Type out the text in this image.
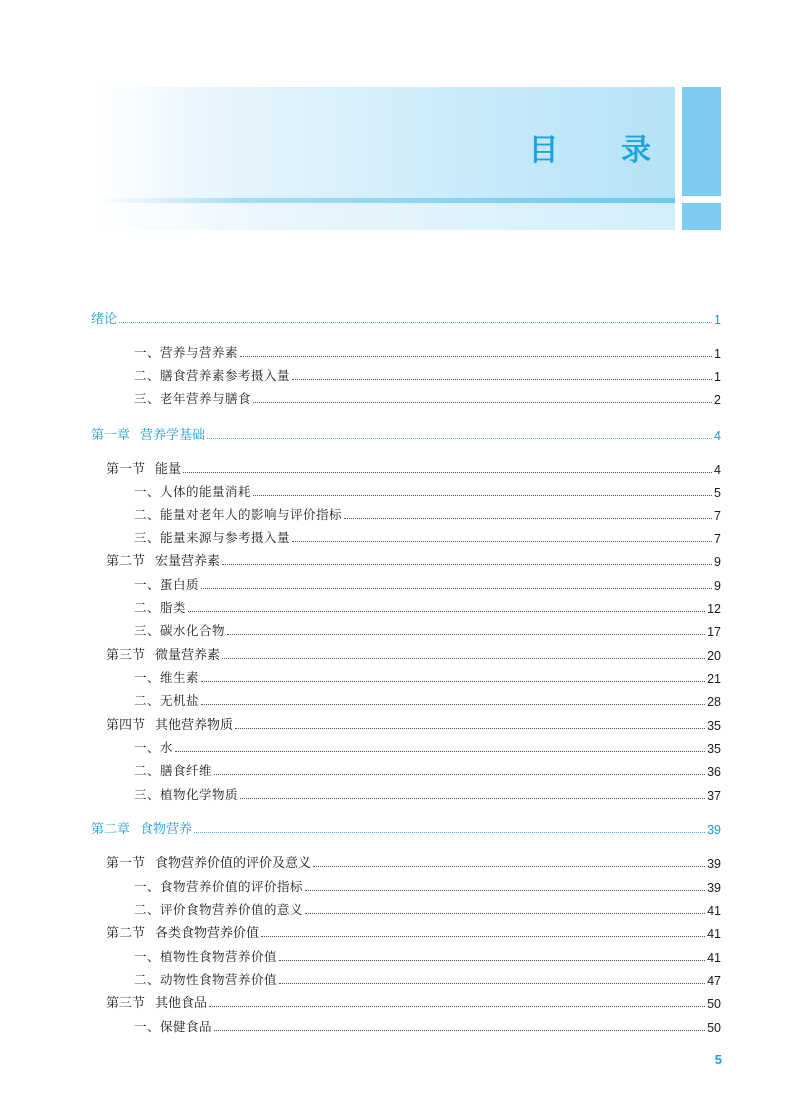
目 录
绪论	1
一、营养与营养素	1
二、膳食营养素参考摄入量	1
三、老年营养与膳食	2
第一章 营养学基础	4
第一节 能量	4
一、人体的能量消耗	5
二、能量对老年人的影响与评价指标	7
三、能量来源与参考摄入量	7
第二节 宏量营养素	9
一、蛋白质	9
二、脂类	12
三、碳水化合物	17
第三节 微量营养素	20
一、维生素	21
二、无机盐	28
第四节 其他营养物质	35
一、水	35
二、膳食纤维	36
三、植物化学物质	37
第二章 食物营养	39
第一节 食物营养价值的评价及意义	39
一、食物营养价值的评价指标	39
二、评价食物营养价值的意义	41
第二节 各类食物营养价值	41
一、植物性食物营养价值	41
二、动物性食物营养价值	47
第三节 其他食品	50
一、保健食品	50
5
